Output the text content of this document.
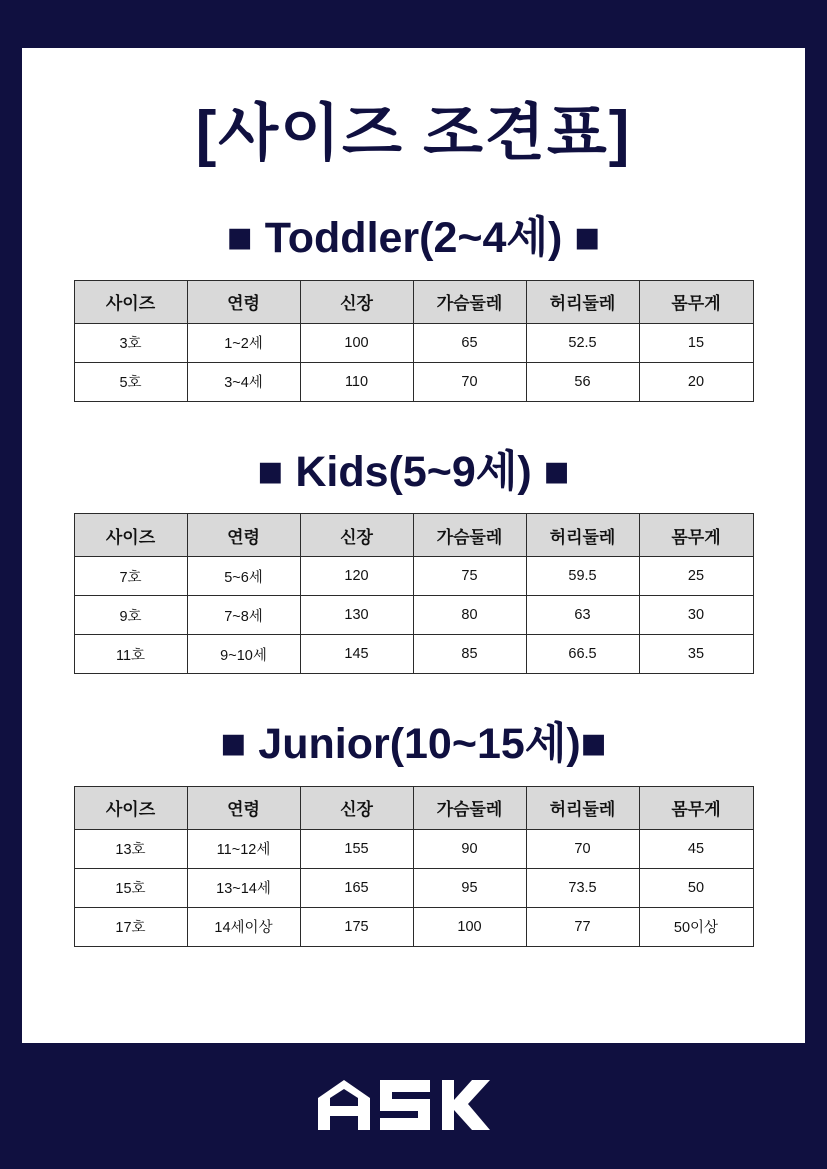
[사이즈 조견표]
■ Toddler(2~4세) ■
사이즈	연령	신장	가슴둘레	허리둘레	몸무게
3호	1~2세	100	65	52.5	15
5호	3~4세	110	70	56	20
■ Kids(5~9세) ■
사이즈	연령	신장	가슴둘레	허리둘레	몸무게
7호	5~6세	120	75	59.5	25
9호	7~8세	130	80	63	30
11호	9~10세	145	85	66.5	35
■ Junior(10~15세)■
사이즈	연령	신장	가슴둘레	허리둘레	몸무게
13호	11~12세	155	90	70	45
15호	13~14세	165	95	73.5	50
17호	14세이상	175	100	77	50이상
